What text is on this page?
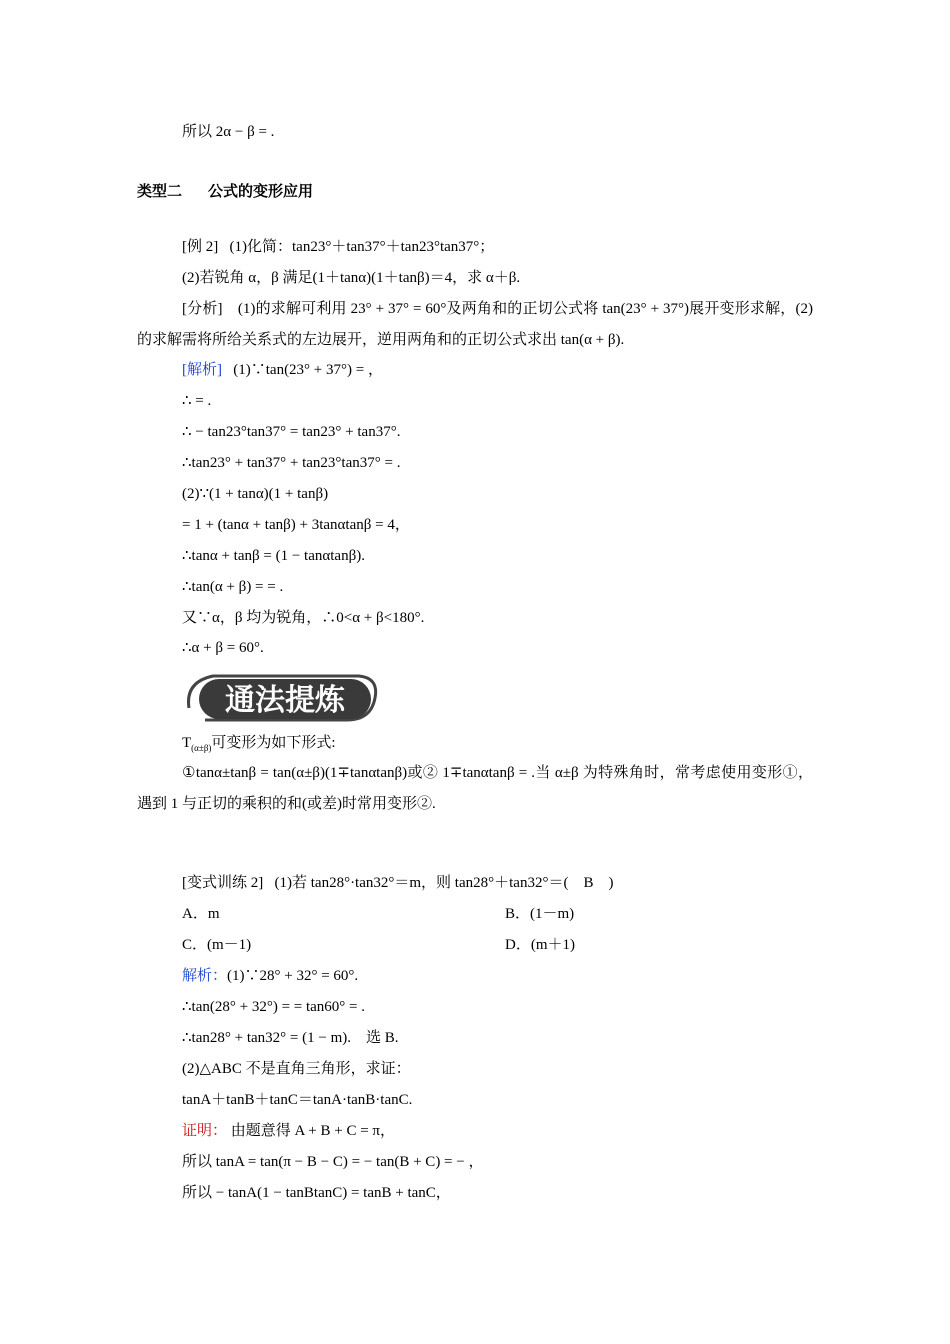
所以 2α − β = .
类型二 公式的变形应用
[例 2] (1)化简：tan23°＋tan37°＋tan23°tan37°；
(2)若锐角 α，β 满足(1＋tanα)(1＋tanβ)＝4，求 α＋β.
[分析]　(1)的求解可利用 23° + 37° = 60°及两角和的正切公式将 tan(23° + 37°)展开变形求解，(2)的求解需将所给关系式的左边展开，逆用两角和的正切公式求出 tan(α + β).
[解析] (1)∵tan(23° + 37°) = ，
∴ = .
∴ − tan23°tan37° = tan23° + tan37°.
∴tan23° + tan37° + tan23°tan37° = .
(2)∵(1 + tanα)(1 + tanβ)
= 1 + (tanα + tanβ) + 3tanαtanβ = 4，
∴tanα + tanβ = (1 − tanαtanβ).
∴tan(α + β) = = .
又∵α，β 均为锐角，∴0<α + β<180°.
∴α + β = 60°.
通法提炼
$T_{(\alpha\pm\beta)}$可变形为如下形式:
①tanα±tanβ = tan(α±β)(1∓tanαtanβ)或② 1∓tanαtanβ = .当 α±β 为特殊角时，常考虑使用变形①，遇到 1 与正切的乘积的和(或差)时常用变形②.
[变式训练 2] (1)若 tan28°·tan32°＝m，则 tan28°＋tan32°＝(　B　)
A．m	B．(1－m)
C．(m－1)	D．(m＋1)
解析：(1)∵28° + 32° = 60°.
∴tan(28° + 32°) = = tan60° = .
∴tan28° + tan32° = (1 − m).　选 B.
(2)△ABC 不是直角三角形，求证：
tanA＋tanB＋tanC＝tanA·tanB·tanC.
证明： 由题意得 A + B + C = π，
所以 tanA = tan(π − B − C) = − tan(B + C) = − ，
所以 − tanA(1 − tanBtanC) = tanB + tanC，
